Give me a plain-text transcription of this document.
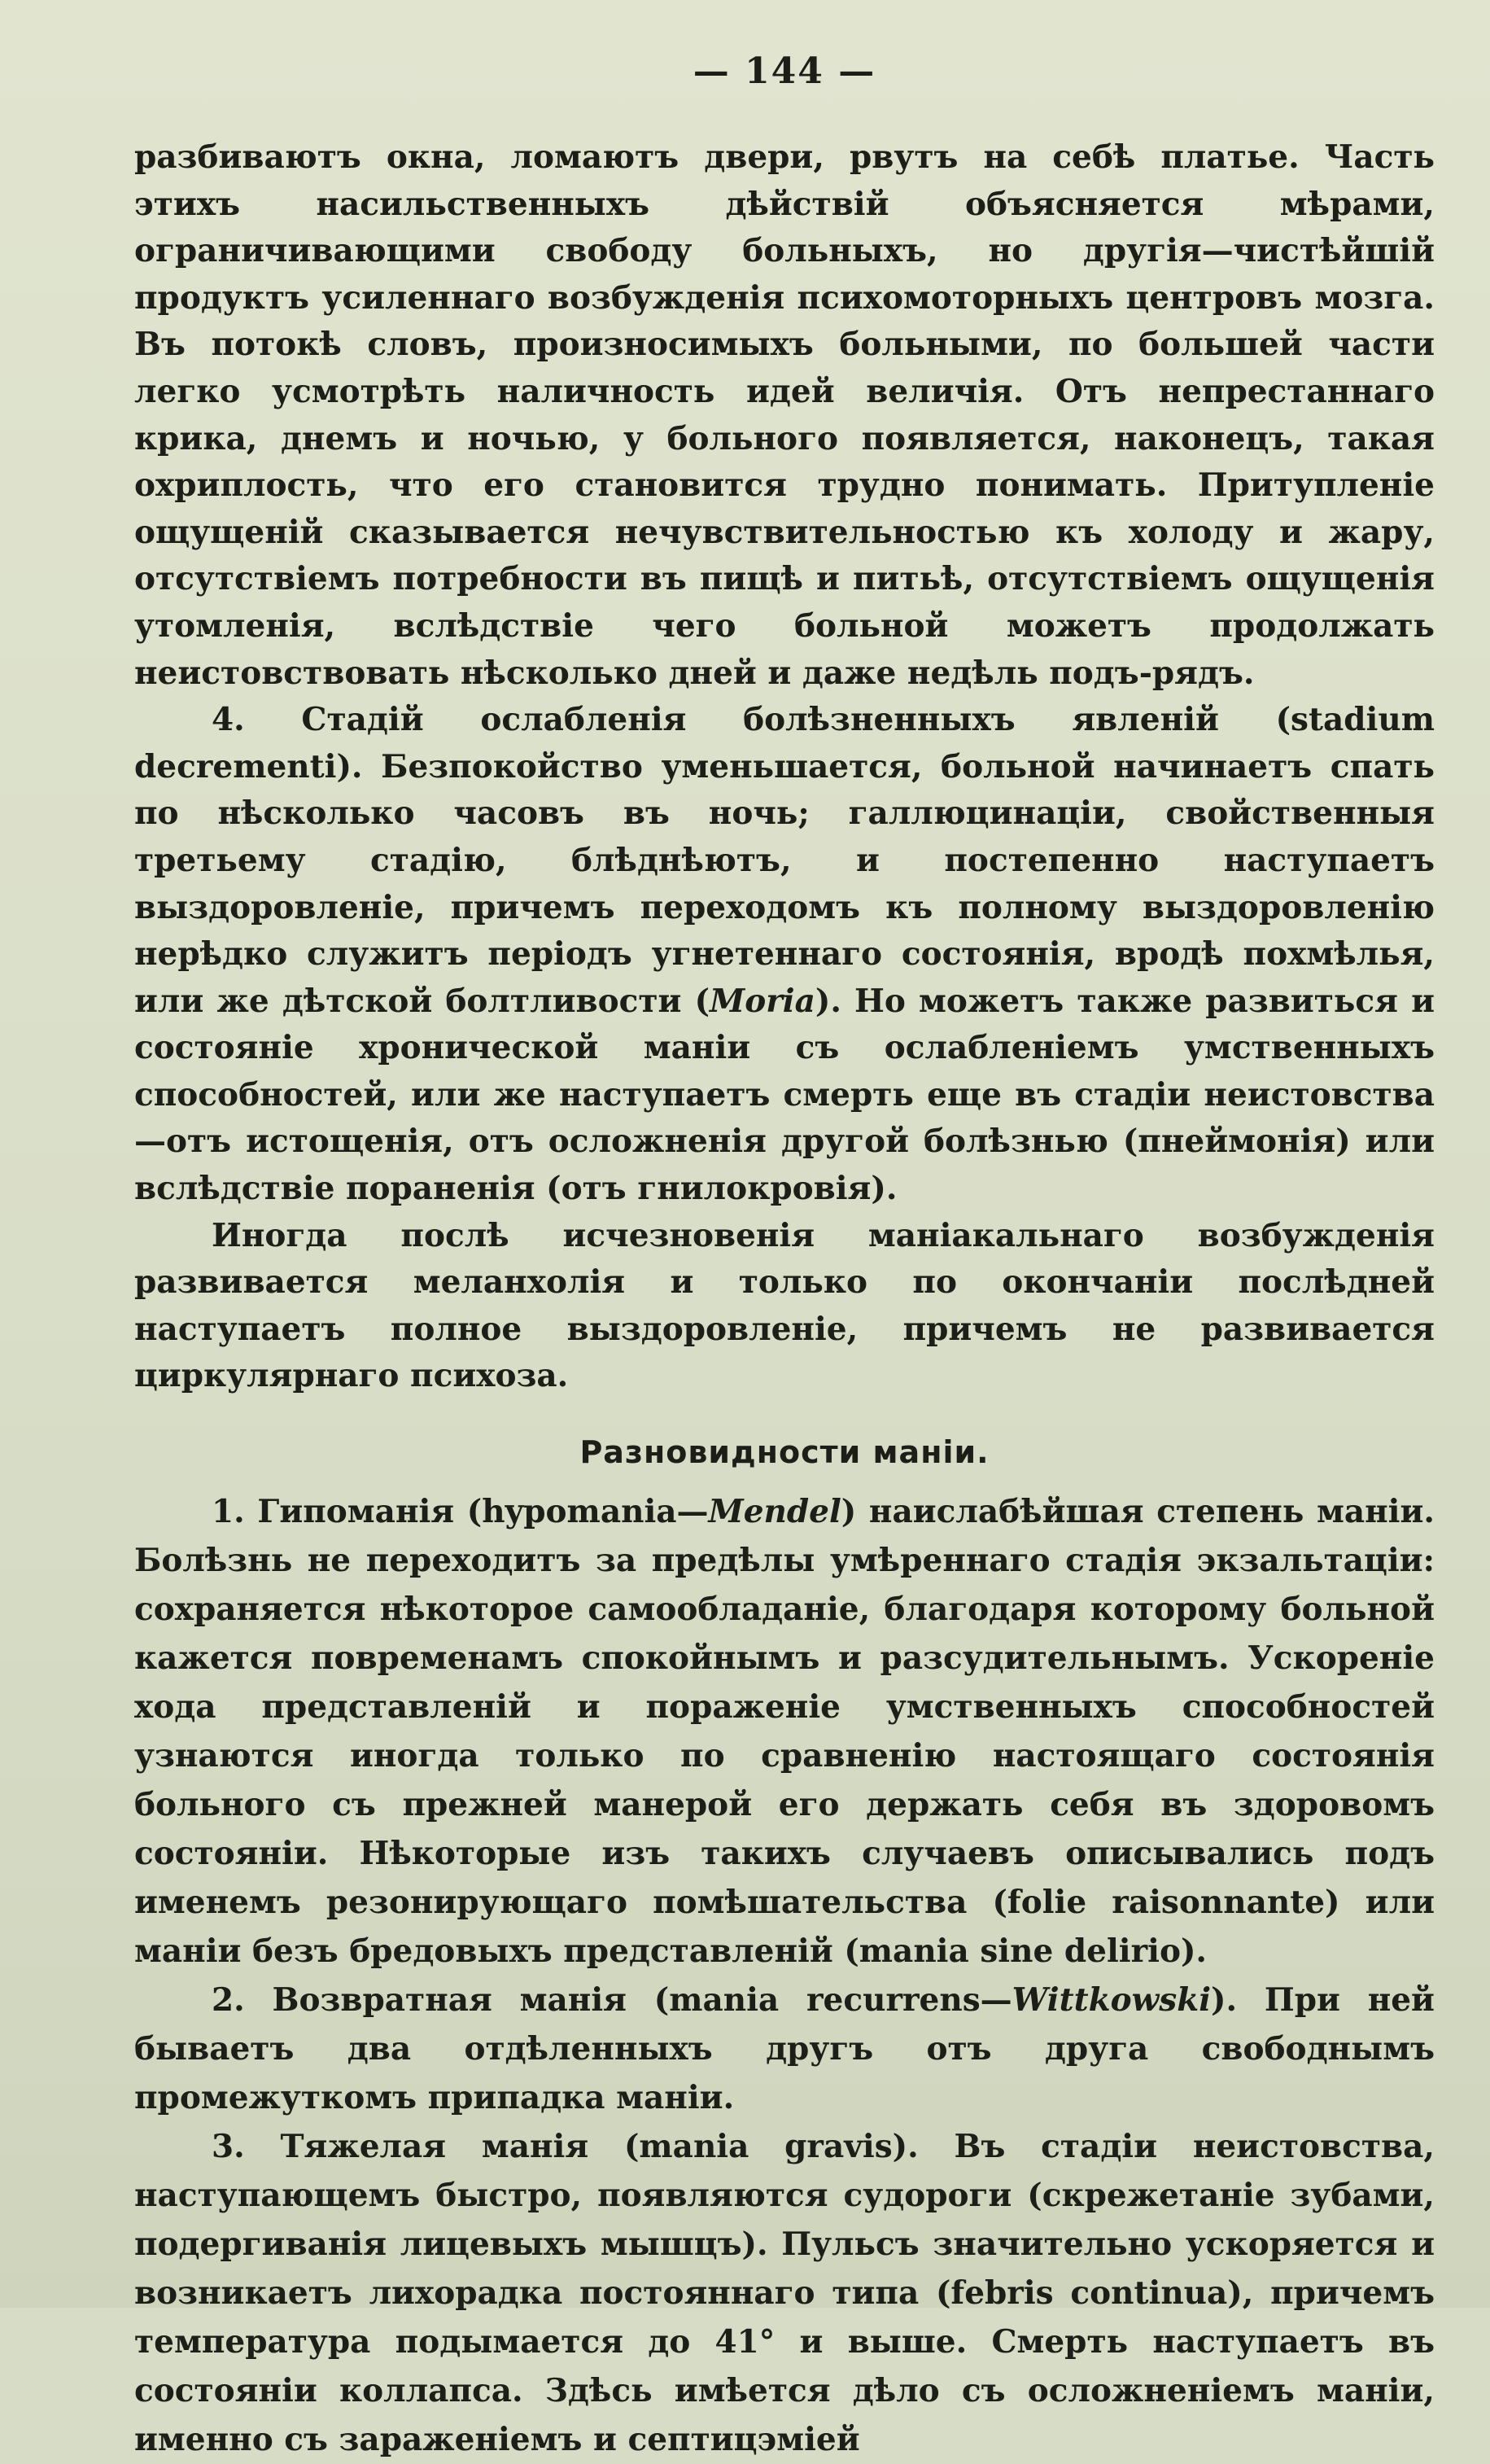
— 144 —

разбиваютъ окна, ломаютъ двери, рвутъ на себѣ платье. Часть этихъ насильственныхъ дѣйствій объясняется мѣрами, ограничивающими свободу больныхъ, но другія—чистѣйшій продуктъ усиленнаго возбужденія психомоторныхъ центровъ мозга. Въ потокѣ словъ, произносимыхъ больными, по большей части легко усмотрѣть наличность идей величія. Отъ непрестаннаго крика, днемъ и ночью, у больного появляется, наконецъ, такая охриплость, что его становится трудно понимать. Притупленіе ощущеній сказывается нечувствительностью къ холоду и жару, отсутствіемъ потребности въ пищѣ и питьѣ, отсутствіемъ ощущенія утомленія, вслѣдствіе чего больной можетъ продолжать неистовствовать нѣсколько дней и даже недѣль подъ-рядъ.

4. Стадій ослабленія болѣзненныхъ явленій (stadium decrementi). Безпокойство уменьшается, больной начинаетъ спать по нѣсколько часовъ въ ночь; галлюцинаціи, свойственныя третьему стадію, блѣднѣютъ, и постепенно наступаетъ выздоровленіе, причемъ переходомъ къ полному выздоровленію нерѣдко служитъ періодъ угнетеннаго состоянія, вродѣ похмѣлья, или же дѣтской болтливости (Moria). Но можетъ также развиться и состояніе хронической маніи съ ослабленіемъ умственныхъ способностей, или же наступаетъ смерть еще въ стадіи неистовства—отъ истощенія, отъ осложненія другой болѣзнью (пнеймонія) или вслѣдствіе пораненія (отъ гнилокровія).

Иногда послѣ исчезновенія маніакальнаго возбужденія развивается меланхолія и только по окончаніи послѣдней наступаетъ полное выздоровленіе, причемъ не развивается циркулярнаго психоза.

Разновидности маніи.

1. Гипоманія (hypomania—Mendel) наислабѣйшая степень маніи. Болѣзнь не переходитъ за предѣлы умѣреннаго стадія экзальтаціи: сохраняется нѣкоторое самообладаніе, благодаря которому больной кажется повременамъ спокойнымъ и разсудительнымъ. Ускореніе хода представленій и пораженіе умственныхъ способностей узнаются иногда только по сравненію настоящаго состоянія больного съ прежней манерой его держать себя въ здоровомъ состояніи. Нѣкоторые изъ такихъ случаевъ описывались подъ именемъ резонирующаго помѣшательства (folie raisonnante) или маніи безъ бредовыхъ представленій (mania sine delirio).

2. Возвратная манія (mania recurrens—Wittkowski). При ней бываетъ два отдѣленныхъ другъ отъ друга свободнымъ промежуткомъ припадка маніи.

3. Тяжелая манія (mania gravis). Въ стадіи неистовства, наступающемъ быстро, появляются судороги (скрежетаніе зубами, подергиванія лицевыхъ мышцъ). Пульсъ значительно ускоряется и возникаетъ лихорадка постояннаго типа (febris continua), причемъ температура подымается до 41° и выше. Смерть наступаетъ въ состояніи коллапса. Здѣсь имѣется дѣло съ осложненіемъ маніи, именно съ зараженіемъ и септицэміей
